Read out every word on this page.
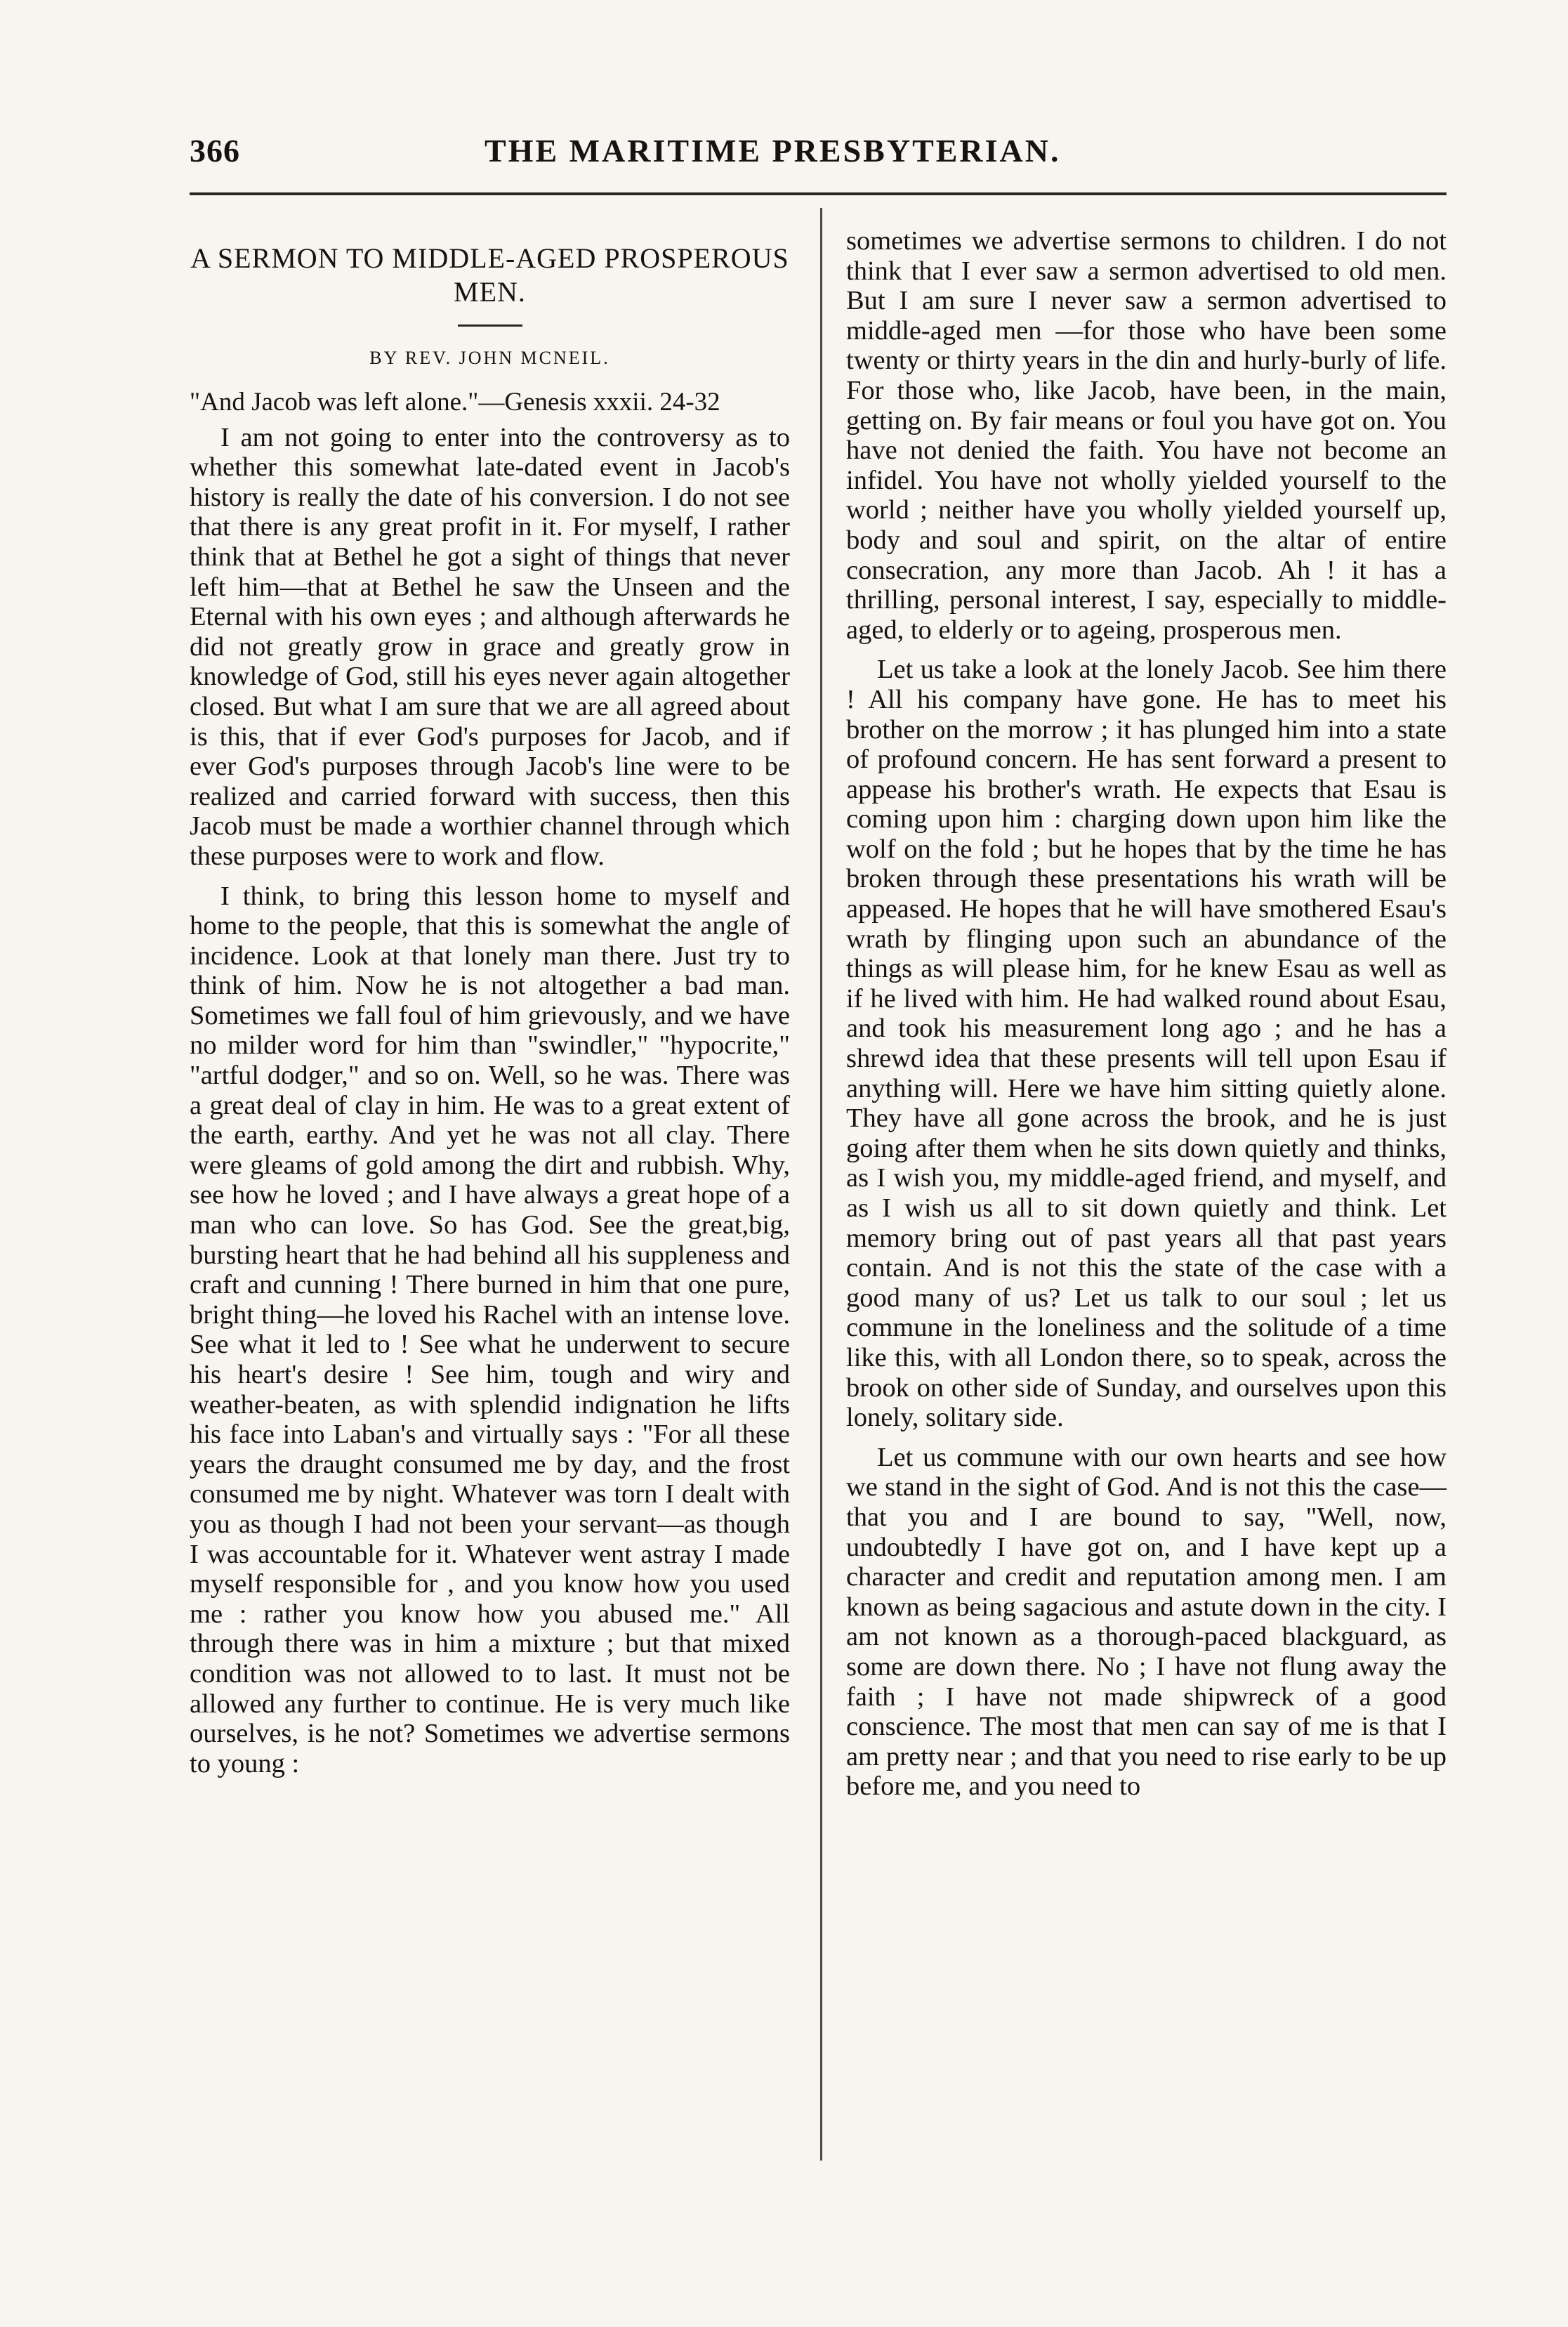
366	THE MARITIME PRESBYTERIAN.
A SERMON TO MIDDLE-AGED PROSPEROUS MEN.
BY REV. JOHN MCNEIL.

"And Jacob was left alone."—Genesis xxxii. 24-32

I am not going to enter into the controversy as to whether this somewhat late-dated event in Jacob's history is really the date of his conversion. I do not see that there is any great profit in it. For myself, I rather think that at Bethel he got a sight of things that never left him—that at Bethel he saw the Unseen and the Eternal with his own eyes ; and although afterwards he did not greatly grow in grace and greatly grow in knowledge of God, still his eyes never again altogether closed. But what I am sure that we are all agreed about is this, that if ever God's purposes for Jacob, and if ever God's purposes through Jacob's line were to be realized and carried forward with success, then this Jacob must be made a worthier channel through which these purposes were to work and flow.

I think, to bring this lesson home to myself and home to the people, that this is somewhat the angle of incidence. Look at that lonely man there. Just try to think of him. Now he is not altogether a bad man. Sometimes we fall foul of him grievously, and we have no milder word for him than "swindler," "hypocrite," "artful dodger," and so on. Well, so he was. There was a great deal of clay in him. He was to a great extent of the earth, earthy. And yet he was not all clay. There were gleams of gold among the dirt and rubbish. Why, see how he loved ; and I have always a great hope of a man who can love. So has God. See the great,big, bursting heart that he had behind all his suppleness and craft and cunning ! There burned in him that one pure, bright thing—he loved his Rachel with an intense love. See what it led to ! See what he underwent to secure his heart's desire ! See him, tough and wiry and weather-beaten, as with splendid indignation he lifts his face into Laban's and virtually says : "For all these years the draught consumed me by day, and the frost consumed me by night. Whatever was torn I dealt with you as though I had not been your servant—as though I was accountable for it. Whatever went astray I made myself responsible for , and you know how you used me : rather you know how you abused me." All through there was in him a mixture ; but that mixed condition was not allowed to to last. It must not be allowed any further to continue. He is very much like ourselves, is he not? Sometimes we advertise sermons to young :

sometimes we advertise sermons to children. I do not think that I ever saw a sermon advertised to old men. But I am sure I never saw a sermon advertised to middle-aged men —for those who have been some twenty or thirty years in the din and hurly-burly of life. For those who, like Jacob, have been, in the main, getting on. By fair means or foul you have got on. You have not denied the faith. You have not become an infidel. You have not wholly yielded yourself to the world ; neither have you wholly yielded yourself up, body and soul and spirit, on the altar of entire consecration, any more than Jacob. Ah ! it has a thrilling, personal interest, I say, especially to middle-aged, to elderly or to ageing, prosperous men.

Let us take a look at the lonely Jacob. See him there ! All his company have gone. He has to meet his brother on the morrow ; it has plunged him into a state of profound concern. He has sent forward a present to appease his brother's wrath. He expects that Esau is coming upon him : charging down upon him like the wolf on the fold ; but he hopes that by the time he has broken through these presentations his wrath will be appeased. He hopes that he will have smothered Esau's wrath by flinging upon such an abundance of the things as will please him, for he knew Esau as well as if he lived with him. He had walked round about Esau, and took his measurement long ago ; and he has a shrewd idea that these presents will tell upon Esau if anything will. Here we have him sitting quietly alone. They have all gone across the brook, and he is just going after them when he sits down quietly and thinks, as I wish you, my middle-aged friend, and myself, and as I wish us all to sit down quietly and think. Let memory bring out of past years all that past years contain. And is not this the state of the case with a good many of us? Let us talk to our soul ; let us commune in the loneliness and the solitude of a time like this, with all London there, so to speak, across the brook on other side of Sunday, and ourselves upon this lonely, solitary side.

Let us commune with our own hearts and see how we stand in the sight of God. And is not this the case—that you and I are bound to say, "Well, now, undoubtedly I have got on, and I have kept up a character and credit and reputation among men. I am known as being sagacious and astute down in the city. I am not known as a thorough-paced blackguard, as some are down there. No ; I have not flung away the faith ; I have not made shipwreck of a good conscience. The most that men can say of me is that I am pretty near ; and that you need to rise early to be up before me, and you need to
